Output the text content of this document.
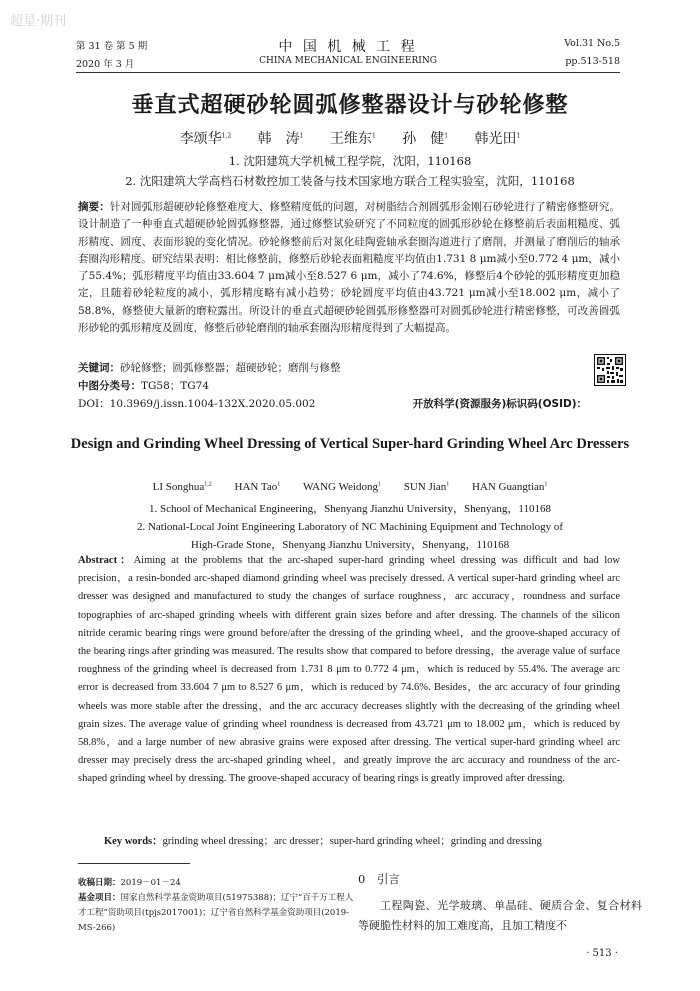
超星·期刊
第 31 卷 第 5 期
2020 年 3 月
中 国 机 械 工 程
CHINA MECHANICAL ENGINEERING
Vol.31 No.5
pp.513-518
垂直式超硬砂轮圆弧修整器设计与砂轮修整
李颂华$^{1,2}$ 韩　涛$^1$ 王维东$^1$ 孙　健$^1$ 韩光田$^1$
1. 沈阳建筑大学机械工程学院，沈阳，110168
2. 沈阳建筑大学高档石材数控加工装备与技术国家地方联合工程实验室，沈阳，110168
摘要：针对圆弧形超硬砂轮修整难度大、修整精度低的问题，对树脂结合剂圆弧形金刚石砂轮进行了精密修整研究。设计制造了一种垂直式超硬砂轮圆弧修整器，通过修整试验研究了不同粒度的圆弧形砂轮在修整前后表面粗糙度、弧形精度、圆度、表面形貌的变化情况。砂轮修整前后对氮化硅陶瓷轴承套圈沟道进行了磨削，并测量了磨削后的轴承套圈沟形精度。研究结果表明：相比修整前，修整后砂轮表面粗糙度平均值由1.731 8 μm减小至0.772 4 μm，减小了55.4%；弧形精度平均值由33.604 7 μm减小至8.527 6 μm，减小了74.6%，修整后4个砂轮的弧形精度更加稳定，且随着砂轮粒度的减小，弧形精度略有减小趋势；砂轮圆度平均值由43.721 μm减小至18.002 μm，减小了58.8%，修整使大量新的磨粒露出。所设计的垂直式超硬砂轮圆弧形修整器可对圆弧砂轮进行精密修整，可改善圆弧形砂轮的弧形精度及圆度，修整后砂轮磨削的轴承套圈沟形精度得到了大幅提高。
关键词：砂轮修整；圆弧修整器；超硬砂轮；磨削与修整
中图分类号：TG58；TG74
DOI：10.3969/j.issn.1004-132X.2020.05.002	开放科学(资源服务)标识码(OSID)：
Design and Grinding Wheel Dressing of Vertical Super-hard Grinding Wheel Arc Dressers
LI Songhua$^{1,2}$ HAN Tao$^1$ WANG Weidong$^1$ SUN Jian$^1$ HAN Guangtian$^1$
1. School of Mechanical Engineering，Shenyang Jianzhu University，Shenyang，110168
2. National-Local Joint Engineering Laboratory of NC Machining Equipment and Technology of
High-Grade Stone，Shenyang Jianzhu University，Shenyang，110168
Abstract：Aiming at the problems that the arc-shaped super-hard grinding wheel dressing was difficult and had low precision，a resin-bonded arc-shaped diamond grinding wheel was precisely dressed. A vertical super-hard grinding wheel arc dresser was designed and manufactured to study the changes of surface roughness，arc accuracy，roundness and surface topographies of arc-shaped grinding wheels with different grain sizes before and after dressing. The channels of the silicon nitride ceramic bearing rings were ground before/after the dressing of the grinding wheel，and the groove-shaped accuracy of the bearing rings after grinding was measured. The results show that compared to before dressing，the average value of surface roughness of the grinding wheel is decreased from 1.731 8 μm to 0.772 4 μm，which is reduced by 55.4%. The average arc error is decreased from 33.604 7 μm to 8.527 6 μm，which is reduced by 74.6%. Besides，the arc accuracy of four grinding wheels was more stable after the dressing，and the arc accuracy decreases slightly with the decreasing of the grinding wheel grain sizes. The average value of grinding wheel roundness is decreased from 43.721 μm to 18.002 μm，which is reduced by 58.8%，and a large number of new abrasive grains were exposed after dressing. The vertical super-hard grinding wheel arc dresser may precisely dress the arc-shaped grinding wheel，and greatly improve the arc accuracy and roundness of the arc-shaped grinding wheel by dressing. The groove-shaped accuracy of bearing rings is greatly improved after dressing.
Key words：grinding wheel dressing；arc dresser；super-hard grinding wheel；grinding and dressing
收稿日期：2019－01－24
基金项目：国家自然科学基金资助项目(51975388)；辽宁“百千万工程人才工程”资助项目(tpjs2017001)；辽宁省自然科学基金资助项目(2019-MS-266)
0　引言
工程陶瓷、光学玻璃、单晶硅、硬质合金、复合材料等硬脆性材料的加工难度高，且加工精度不
· 513 ·
